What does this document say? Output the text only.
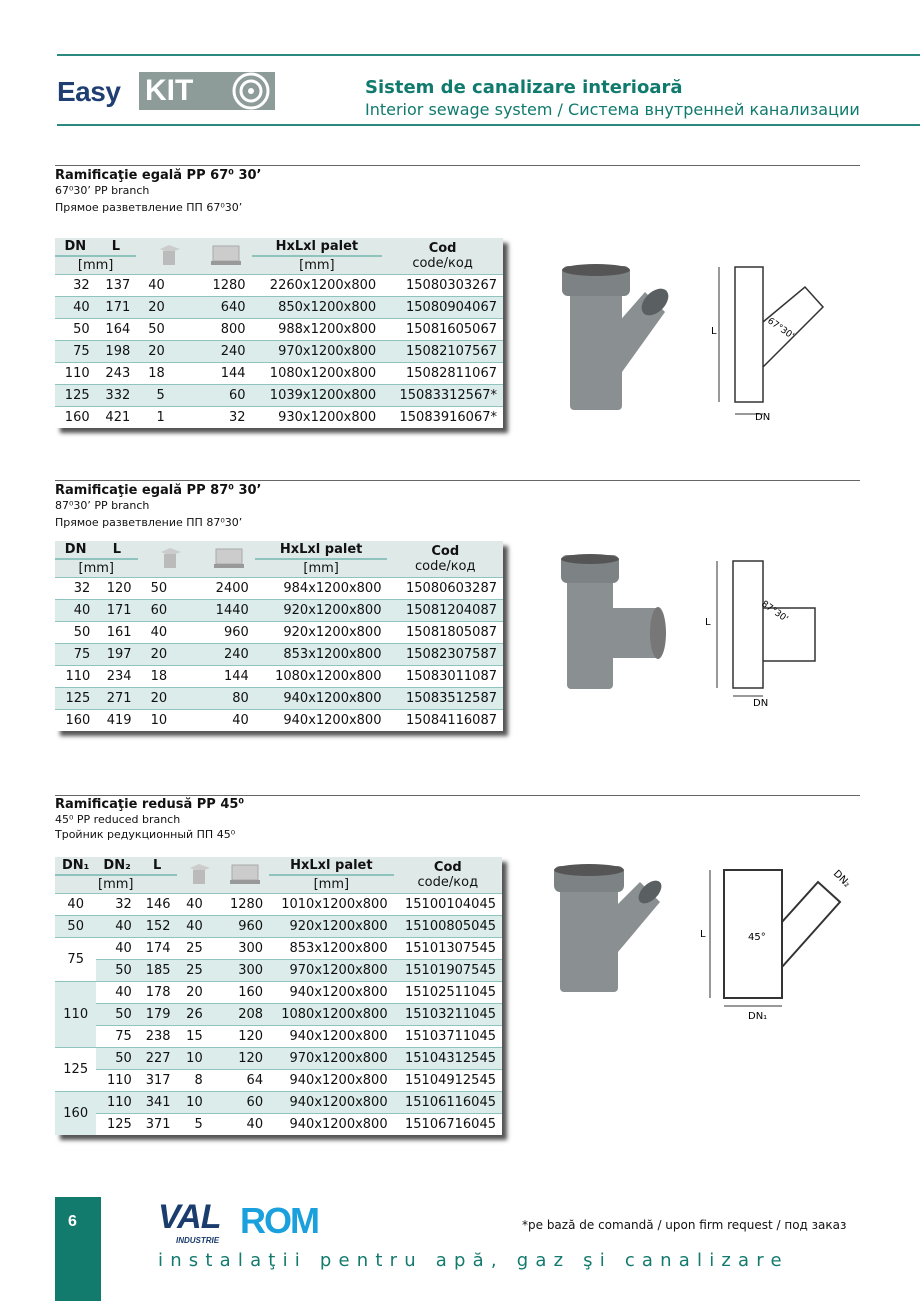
Easy KIT	Sistem de canalizare interioară
Interior sewage system / Система внутренней канализации
Ramificaţie egală PP 67⁰ 30’
67⁰30’ PP branch
Прямое разветвление ПП 67⁰30’
DN	L			HxLxl palet	Cod
code/код

[mm]				[mm]	
32	137	40	1280	2260x1200x800	15080303267
40	171	20	640	850x1200x800	15080904067
50	164	50	800	988x1200x800	15081605067
75	198	20	240	970x1200x800	15082107567
110	243	18	144	1080x1200x800	15082811067
125	332	5	60	1039x1200x800	15083312567*
160	421	1	32	930x1200x800	15083916067*
Ramificaţie egală PP 87⁰ 30’
87⁰30’ PP branch
Прямое разветвление ПП 87⁰30’
DN	L			HxLxl palet	Cod
code/код

[mm]				[mm]	
32	120	50	2400	984x1200x800	15080603287
40	171	60	1440	920x1200x800	15081204087
50	161	40	960	920x1200x800	15081805087
75	197	20	240	853x1200x800	15082307587
110	234	18	144	1080x1200x800	15083011087
125	271	20	80	940x1200x800	15083512587
160	419	10	40	940x1200x800	15084116087
Ramificaţie redusă PP 45⁰
45⁰ PP reduced branch
Тройник редукционный ПП 45⁰
DN₁	DN₂	L			HxLxl palet	Cod
code/код

[mm]					[mm]	
40	32	146	40	1280	1010x1200x800	15100104045
50	40	152	40	960	920x1200x800	15100805045
75	40	174	25	300	853x1200x800	15101307545
	50	185	25	300	970x1200x800	15101907545
110	40	178	20	160	940x1200x800	15102511045
	50	179	26	208	1080x1200x800	15103211045
	75	238	15	120	940x1200x800	15103711045
125	50	227	10	120	970x1200x800	15104312545
	110	317	8	64	940x1200x800	15104912545
160	110	341	10	60	940x1200x800	15106116045
	125	371	5	40	940x1200x800	15106716045
L
DN
67°30'
L
DN
87°30'
L
DN₁
DN₂
45°
6 VAL ROM
INDUSTRIE
*pe bază de comandă / upon firm request / под заказ
instalaţii pentru apă, gaz şi canalizare
